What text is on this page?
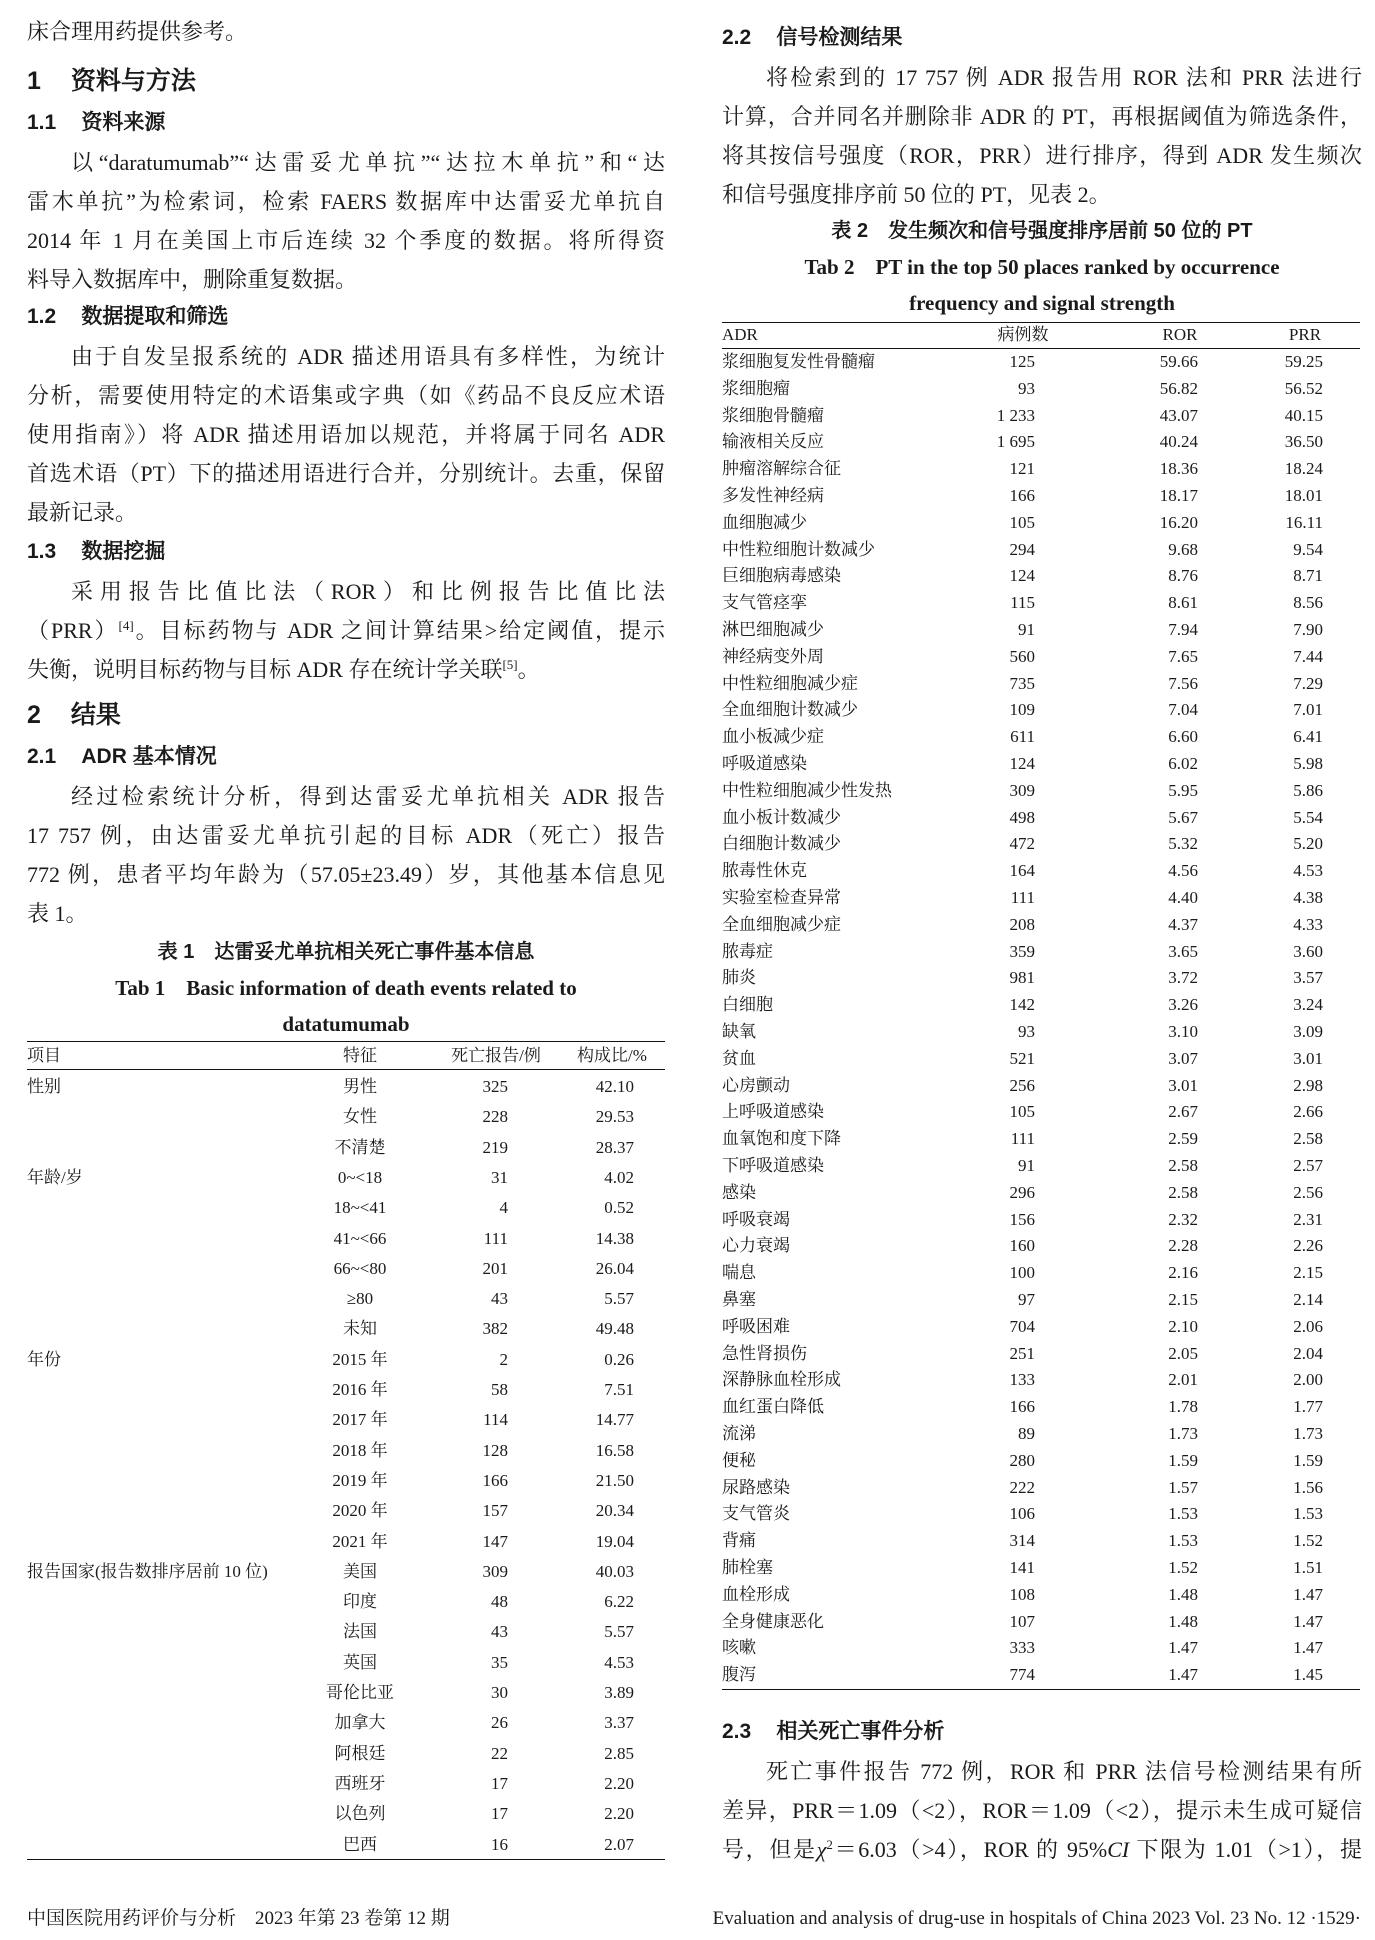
床合理用药提供参考。
1 资料与方法
1.1 资料来源
以“daratumumab”“达雷妥尤单抗”“达拉木单抗”和“达
雷木单抗”为检索词，检索 FAERS 数据库中达雷妥尤单抗自
2014 年 1 月在美国上市后连续 32 个季度的数据。将所得资
料导入数据库中，删除重复数据。
1.2 数据提取和筛选
由于自发呈报系统的 ADR 描述用语具有多样性，为统计
分析，需要使用特定的术语集或字典（如《药品不良反应术语
使用指南》）将 ADR 描述用语加以规范，并将属于同名 ADR
首选术语（PT）下的描述用语进行合并，分别统计。去重，保留
最新记录。
1.3 数据挖掘
采用报告比值比法（ROR）和比例报告比值比法
（PRR）[4]。目标药物与 ADR 之间计算结果>给定阈值，提示
失衡，说明目标药物与目标 ADR 存在统计学关联[5]。
2 结果
2.1 ADR 基本情况
经过检索统计分析，得到达雷妥尤单抗相关 ADR 报告
17 757 例，由达雷妥尤单抗引起的目标 ADR（死亡）报告
772 例，患者平均年龄为（57.05±23.49）岁，其他基本信息见
表 1。
表 1　达雷妥尤单抗相关死亡事件基本信息
Tab 1　Basic information of death events related to
datatumumab
项目	特征	死亡报告/例	构成比/%
性别	男性	325	42.10
女性	228	29.53
不清楚	219	28.37
年龄/岁	0~<18	31	4.02
18~<41	4	0.52
41~<66	111	14.38
66~<80	201	26.04
≥80	43	5.57
未知	382	49.48
年份	2015 年	2	0.26
2016 年	58	7.51
2017 年	114	14.77
2018 年	128	16.58
2019 年	166	21.50
2020 年	157	20.34
2021 年	147	19.04
报告国家(报告数排序居前 10 位)	美国	309	40.03
印度	48	6.22
法国	43	5.57
英国	35	4.53
哥伦比亚	30	3.89
加拿大	26	3.37
阿根廷	22	2.85
西班牙	17	2.20
以色列	17	2.20
巴西	16	2.07
2.2 信号检测结果
将检索到的 17 757 例 ADR 报告用 ROR 法和 PRR 法进行
计算，合并同名并删除非 ADR 的 PT，再根据阈值为筛选条件，
将其按信号强度（ROR，PRR）进行排序，得到 ADR 发生频次
和信号强度排序前 50 位的 PT，见表 2。
表 2　发生频次和信号强度排序居前 50 位的 PT
Tab 2　PT in the top 50 places ranked by occurrence
frequency and signal strength
ADR	病例数	ROR	PRR
浆细胞复发性骨髓瘤	125	59.66	59.25
浆细胞瘤	93	56.82	56.52
浆细胞骨髓瘤	1 233	43.07	40.15
输液相关反应	1 695	40.24	36.50
肿瘤溶解综合征	121	18.36	18.24
多发性神经病	166	18.17	18.01
血细胞减少	105	16.20	16.11
中性粒细胞计数减少	294	9.68	9.54
巨细胞病毒感染	124	8.76	8.71
支气管痉挛	115	8.61	8.56
淋巴细胞减少	91	7.94	7.90
神经病变外周	560	7.65	7.44
中性粒细胞减少症	735	7.56	7.29
全血细胞计数减少	109	7.04	7.01
血小板减少症	611	6.60	6.41
呼吸道感染	124	6.02	5.98
中性粒细胞减少性发热	309	5.95	5.86
血小板计数减少	498	5.67	5.54
白细胞计数减少	472	5.32	5.20
脓毒性休克	164	4.56	4.53
实验室检查异常	111	4.40	4.38
全血细胞减少症	208	4.37	4.33
脓毒症	359	3.65	3.60
肺炎	981	3.72	3.57
白细胞	142	3.26	3.24
缺氧	93	3.10	3.09
贫血	521	3.07	3.01
心房颤动	256	3.01	2.98
上呼吸道感染	105	2.67	2.66
血氧饱和度下降	111	2.59	2.58
下呼吸道感染	91	2.58	2.57
感染	296	2.58	2.56
呼吸衰竭	156	2.32	2.31
心力衰竭	160	2.28	2.26
喘息	100	2.16	2.15
鼻塞	97	2.15	2.14
呼吸困难	704	2.10	2.06
急性肾损伤	251	2.05	2.04
深静脉血栓形成	133	2.01	2.00
血红蛋白降低	166	1.78	1.77
流涕	89	1.73	1.73
便秘	280	1.59	1.59
尿路感染	222	1.57	1.56
支气管炎	106	1.53	1.53
背痛	314	1.53	1.52
肺栓塞	141	1.52	1.51
血栓形成	108	1.48	1.47
全身健康恶化	107	1.48	1.47
咳嗽	333	1.47	1.47
腹泻	774	1.47	1.45
2.3 相关死亡事件分析
死亡事件报告 772 例，ROR 和 PRR 法信号检测结果有所
差异，PRR＝1.09（<2），ROR＝1.09（<2），提示未生成可疑信
号，但是$\chi^2=6.03(>4)$，ROR 的 95%CI 下限为 1.01（>1），提
中国医院用药评价与分析　2023 年第 23 卷第 12 期	Evaluation and analysis of drug-use in hospitals of China 2023 Vol. 23 No. 12 ·1529·
